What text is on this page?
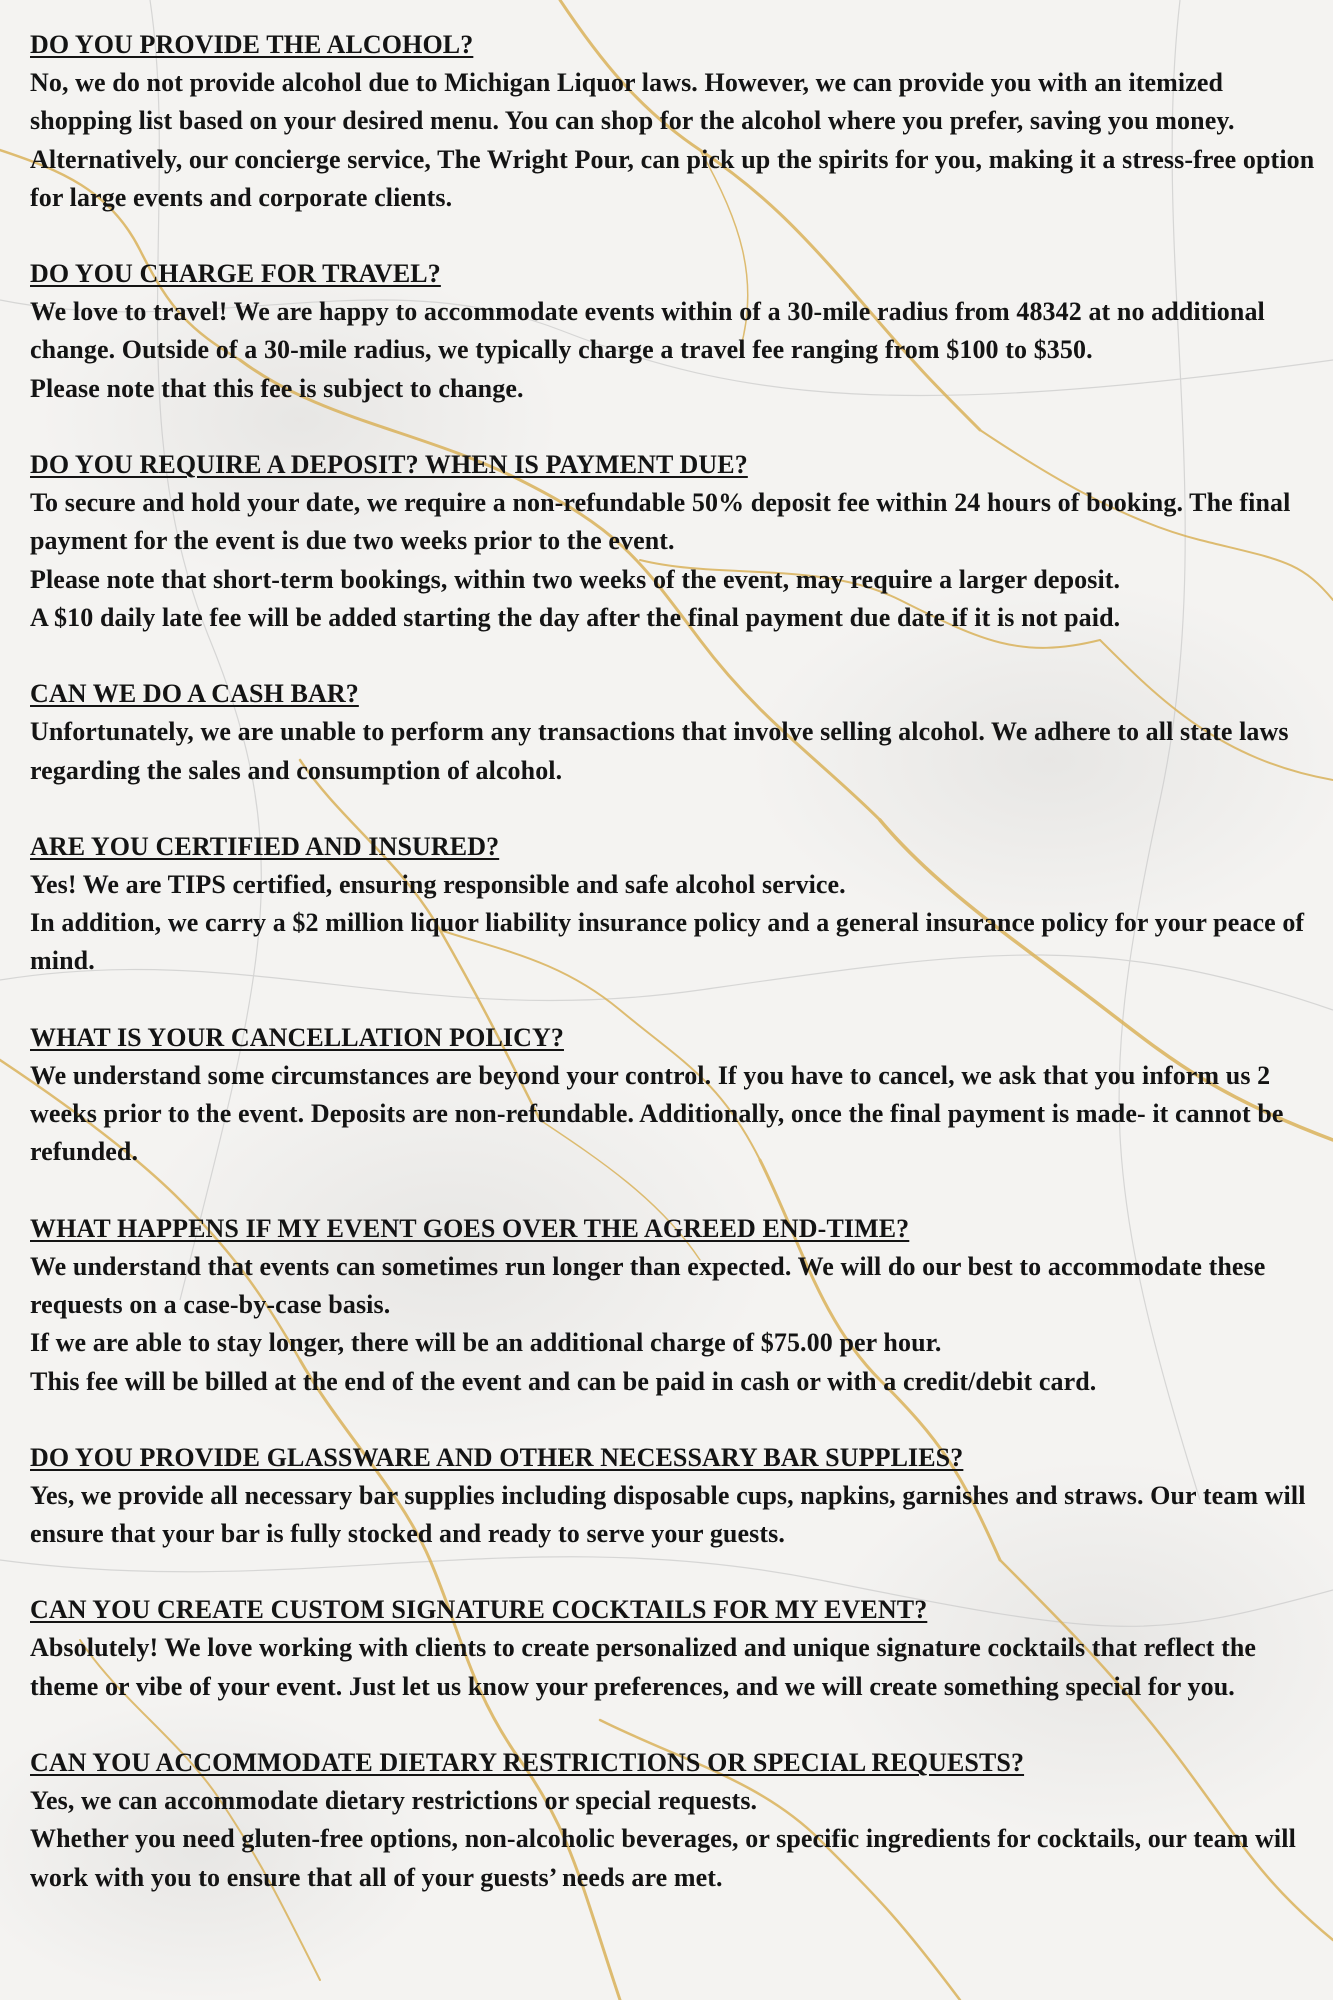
DO YOU PROVIDE THE ALCOHOL?

No, we do not provide alcohol due to Michigan Liquor laws. However, we can provide you with an itemized shopping list based on your desired menu. You can shop for the alcohol where you prefer, saving you money. Alternatively, our concierge service, The Wright Pour, can pick up the spirits for you, making it a stress-free option for large events and corporate clients.

DO YOU CHARGE FOR TRAVEL?

We love to travel! We are happy to accommodate events within of a 30-mile radius from 48342 at no additional change. Outside of a 30-mile radius, we typically charge a travel fee ranging from $100 to $350.

Please note that this fee is subject to change.

DO YOU REQUIRE A DEPOSIT? WHEN IS PAYMENT DUE?

To secure and hold your date, we require a non-refundable 50% deposit fee within 24 hours of booking. The final payment for the event is due two weeks prior to the event.

Please note that short-term bookings, within two weeks of the event, may require a larger deposit.

A $10 daily late fee will be added starting the day after the final payment due date if it is not paid.

CAN WE DO A CASH BAR?

Unfortunately, we are unable to perform any transactions that involve selling alcohol. We adhere to all state laws regarding the sales and consumption of alcohol.

ARE YOU CERTIFIED AND INSURED?

Yes! We are TIPS certified, ensuring responsible and safe alcohol service.

In addition, we carry a $2 million liquor liability insurance policy and a general insurance policy for your peace of mind.

WHAT IS YOUR CANCELLATION POLICY?

We understand some circumstances are beyond your control. If you have to cancel, we ask that you inform us 2 weeks prior to the event. Deposits are non-refundable. Additionally, once the final payment is made- it cannot be refunded.

WHAT HAPPENS IF MY EVENT GOES OVER THE AGREED END-TIME?

We understand that events can sometimes run longer than expected. We will do our best to accommodate these requests on a case-by-case basis.

If we are able to stay longer, there will be an additional charge of $75.00 per hour.

This fee will be billed at the end of the event and can be paid in cash or with a credit/debit card.

DO YOU PROVIDE GLASSWARE AND OTHER NECESSARY BAR SUPPLIES?

Yes, we provide all necessary bar supplies including disposable cups, napkins, garnishes and straws. Our team will ensure that your bar is fully stocked and ready to serve your guests.

CAN YOU CREATE CUSTOM SIGNATURE COCKTAILS FOR MY EVENT?

Absolutely! We love working with clients to create personalized and unique signature cocktails that reflect the theme or vibe of your event. Just let us know your preferences, and we will create something special for you.

CAN YOU ACCOMMODATE DIETARY RESTRICTIONS OR SPECIAL REQUESTS?

Yes, we can accommodate dietary restrictions or special requests.

Whether you need gluten-free options, non-alcoholic beverages, or specific ingredients for cocktails, our team will work with you to ensure that all of your guests’ needs are met.
